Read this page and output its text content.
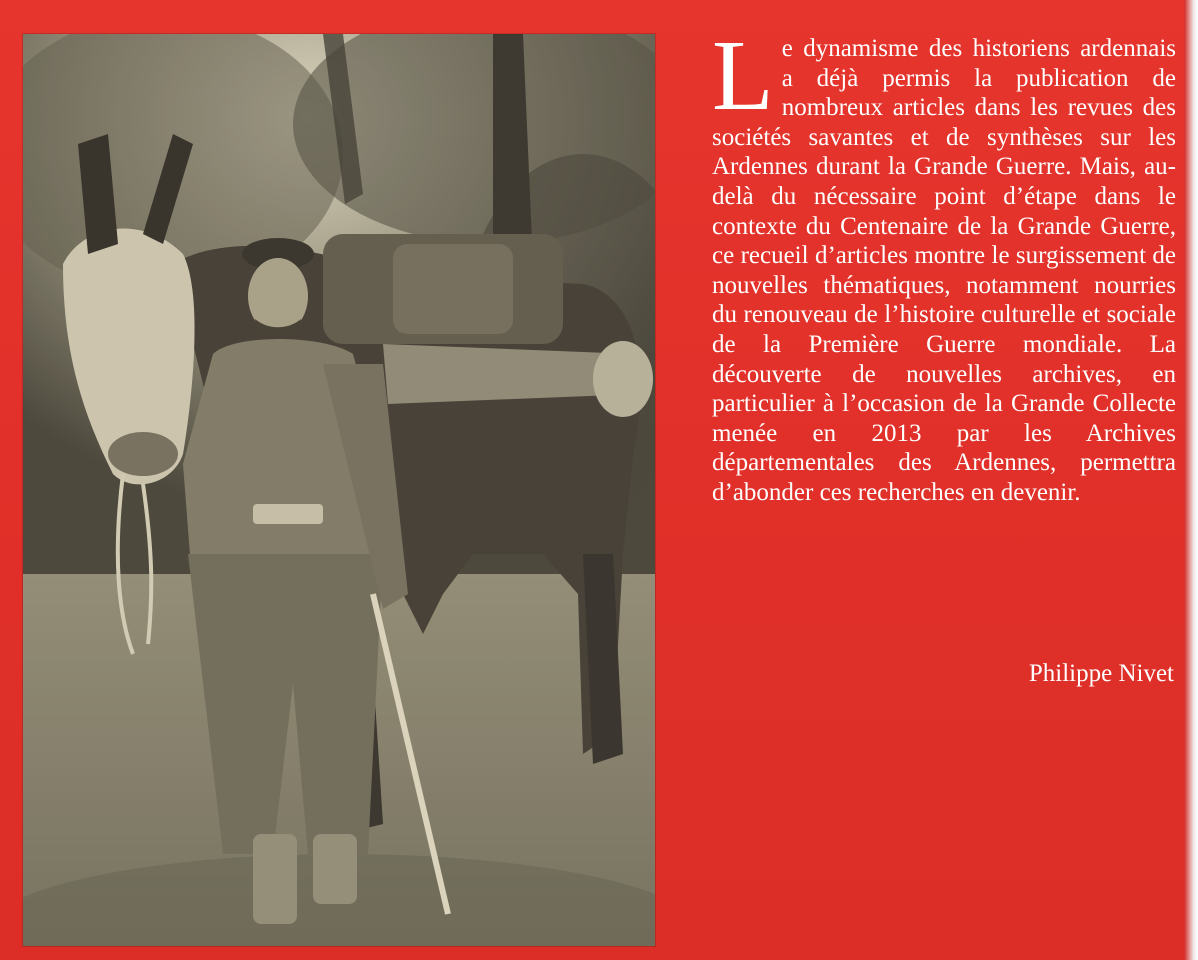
Le dynamisme des historiens ardennais a déjà permis la publication de nombreux articles dans les revues des sociétés savantes et de synthèses sur les Ardennes durant la Grande Guerre. Mais, au-delà du nécessaire point d’étape dans le contexte du Centenaire de la Grande Guerre, ce recueil d’articles montre le surgissement de nouvelles thématiques, notamment nourries du renouveau de l’histoire culturelle et sociale de la Première Guerre mondiale. La découverte de nouvelles archives, en particulier à l’occasion de la Grande Collecte menée en 2013 par les Archives départementales des Ardennes, permettra d’abonder ces recherches en devenir.
Philippe Nivet
